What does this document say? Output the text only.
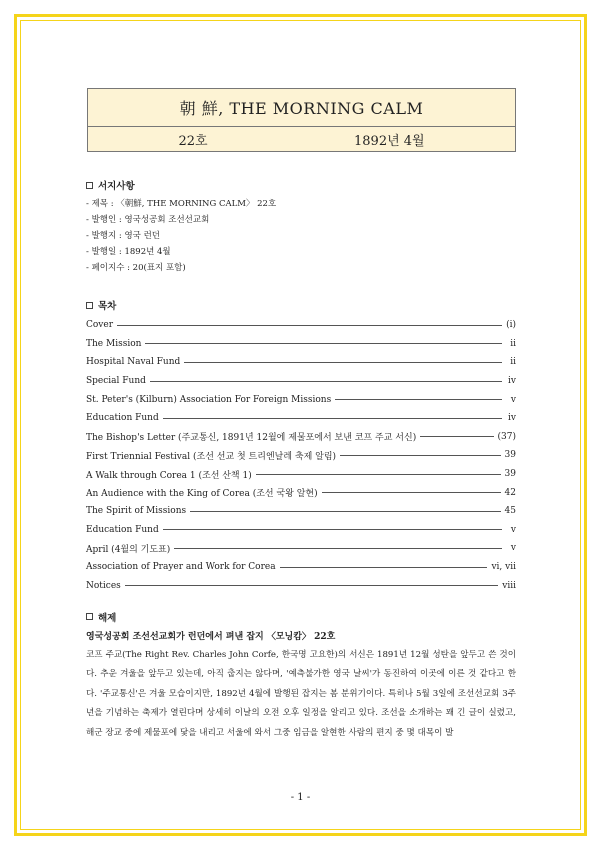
朝 鮮, THE MORNING CALM
22호	1892년 4월
서지사항
- 제목 : 〈朝鮮, THE MORNING CALM〉 22호
- 발행인 : 영국성공회 조선선교회
- 발행지 : 영국 런던
- 발행일 : 1892년 4월
- 페이지수 : 20(표지 포함)
목차
Cover	(i)
The Mission	ii
Hospital Naval Fund	ii
Special Fund	iv
St. Peter's (Kilburn) Association For Foreign Missions	v
Education Fund	iv
The Bishop's Letter (주교통신, 1891년 12월에 제물포에서 보낸 코프 주교 서신)	(37)
First Triennial Festival (조선 선교 첫 트리엔날레 축제 알림)	39
A Walk through Corea 1 (조선 산책 1)	39
An Audience with the King of Corea (조선 국왕 알현)	42
The Spirit of Missions	45
Education Fund	v
April (4월의 기도표)	v
Association of Prayer and Work for Corea	vi, vii
Notices	viii
해제
영국성공회 조선선교회가 런던에서 펴낸 잡지 〈모닝캄〉 22호
코프 주교(The Right Rev. Charles John Corfe, 한국명 고요한)의 서신은 1891년 12월 성탄을 앞두고 쓴 것이다. 추운 겨울을 앞두고 있는데, 아직 춥지는 않다며, '예측불가한 영국 날씨'가 동진하여 이곳에 이른 것 같다고 한다. '주교통신'은 겨울 모습이지만, 1892년 4월에 발행된 잡지는 봄 분위기이다. 특히나 5월 3일에 조선선교회 3주년을 기념하는 축제가 열린다며 상세히 이날의 오전 오후 일정을 알리고 있다. 조선을 소개하는 꽤 긴 글이 실렸고, 해군 장교 중에 제물포에 닻을 내리고 서울에 와서 그중 임금을 알현한 사람의 편지 중 몇 대목이 발
- 1 -
